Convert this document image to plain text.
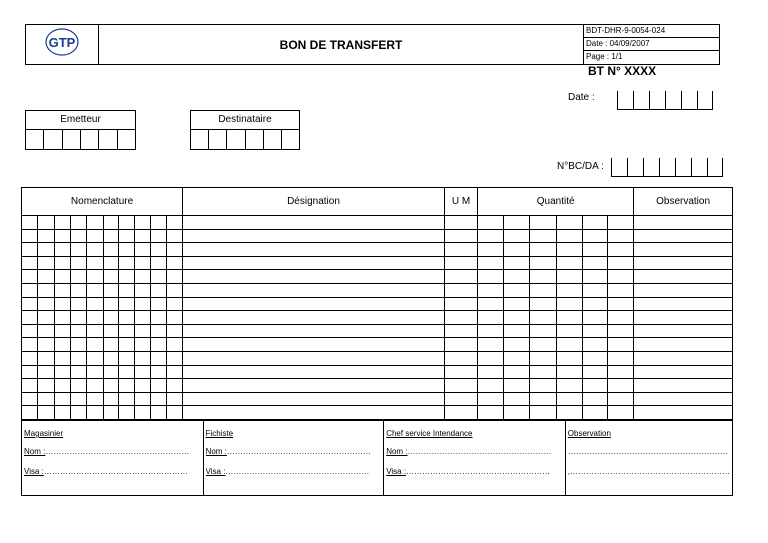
GTP	BON DE TRANSFERT	
BDT-DHR-9-0054-024
Date : 04/09/2007
Page : 1/1
BT N° XXXX
Date :
Emetteur	Destinataire
N°BC/DA :
Nomenclature										Désignation	U M	Quantité						Observation

Magasinier
Nom :………………………………………………
Visa :………………………………………………

Fichiste
Nom :………………………………………………
Visa :………………………………………………

Chef service Intendance
Nom :………………………………………………
Visa :………………………………………………

Observation
……………………………………………………
,……………………………………………………
